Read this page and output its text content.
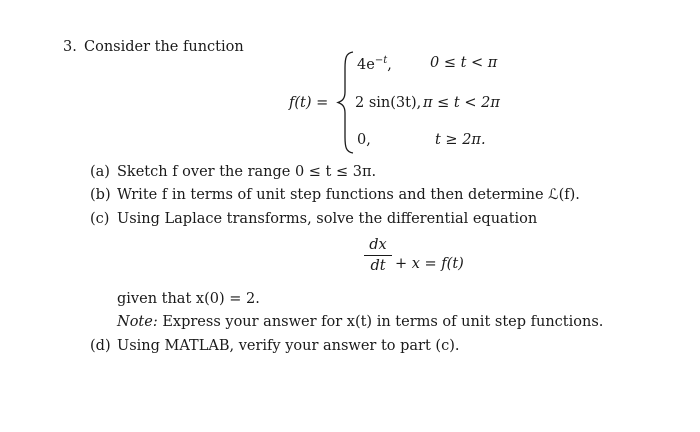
3. Consider the function
f(t) =
$4e^{-t}$,	0 ≤ t < π
2 sin(3t), π ≤ t < 2π
0,	t ≥ 2π.
(a) Sketch f over the range 0 ≤ t ≤ 3π.
(b) Write f in terms of unit step functions and then determine ℒ(f).
(c) Using Laplace transforms, solve the differential equation
dx
dt + x = f(t)
given that x(0) = 2.
Note: Express your answer for x(t) in terms of unit step functions.
(d) Using MATLAB, verify your answer to part (c).
